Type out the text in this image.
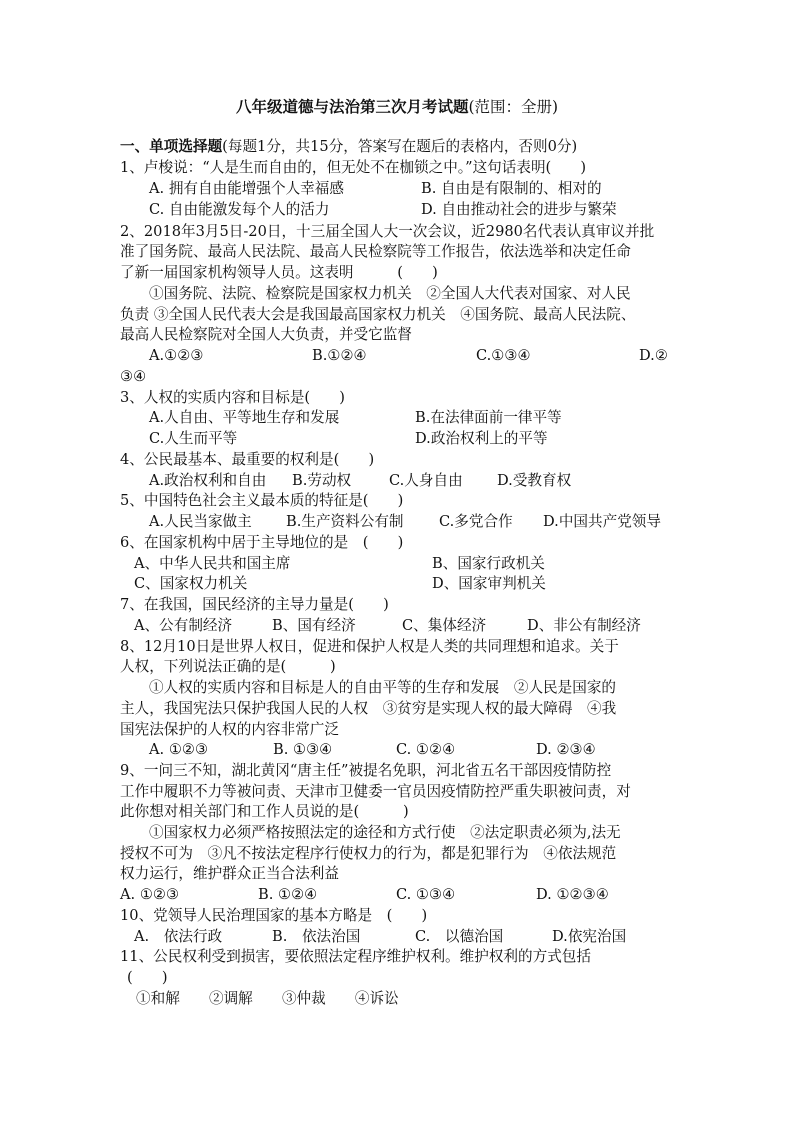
八年级道德与法治第三次月考试题(范围：全册)
一、单项选择题(每题1分，共15分，答案写在题后的表格内，否则0分)
1、卢梭说：“人是生而自由的，但无处不在枷锁之中。”这句话表明(　　)
A. 拥有自由能增强个人幸福感	B. 自由是有限制的、相对的
C. 自由能激发每个人的活力	D. 自由推动社会的进步与繁荣
2、2018年3月5日-20日，十三届全国人大一次会议，近2980名代表认真审议并批
准了国务院、最高人民法院、最高人民检察院等工作报告，依法选举和决定任命
了新一届国家机构领导人员。这表明　　　(　　)
①国务院、法院、检察院是国家权力机关　②全国人大代表对国家、对人民
负责 ③全国人民代表大会是我国最高国家权力机关　④国务院、最高人民法院、
最高人民检察院对全国人大负责，并受它监督
A.①②③	B.①②④	C.①③④	D.②
③④
3、人权的实质内容和目标是(　　)
A.人自由、平等地生存和发展	B.在法律面前一律平等
C.人生而平等	D.政治权利上的平等
4、公民最基本、最重要的权利是(　　)
A.政治权利和自由 B.劳动权	C.人身自由 D.受教育权
5、中国特色社会主义最本质的特征是(　　)
A.人民当家做主 B.生产资料公有制 C.多党合作 D.中国共产党领导
6、在国家机构中居于主导地位的是　(　　)
A、中华人民共和国主席	B、国家行政机关
C、国家权力机关	D、国家审判机关
7、在我国，国民经济的主导力量是(　　)
A、公有制经济	B、国有经济	C、集体经济	D、非公有制经济
8、12月10日是世界人权日，促进和保护人权是人类的共同理想和追求。关于
人权，下列说法正确的是(　　　)
①人权的实质内容和目标是人的自由平等的生存和发展　②人民是国家的
主人，我国宪法只保护我国人民的人权　③贫穷是实现人权的最大障碍　④我
国宪法保护的人权的内容非常广泛
A. ①②③	B. ①③④	C. ①②④	D. ②③④
9、一问三不知，湖北黄冈“唐主任”被提名免职，河北省五名干部因疫情防控
工作中履职不力等被问责、天津市卫健委一官员因疫情防控严重失职被问责，对
此你想对相关部门和工作人员说的是(　　　)
①国家权力必须严格按照法定的途径和方式行使　②法定职责必须为,法无
授权不可为　③凡不按法定程序行使权力的行为，都是犯罪行为　④依法规范
权力运行，维护群众正当合法利益
A. ①②③	B. ①②④	C. ①③④	D. ①②③④
10、党领导人民治理国家的基本方略是　(　　)
A.　依法行政	B.　依法治国	C.　以德治国	D.依宪治国
11、公民权利受到损害，要依照法定程序维护权利。维护权利的方式包括
(　　)
①和解　　②调解　　③仲裁　　④诉讼
